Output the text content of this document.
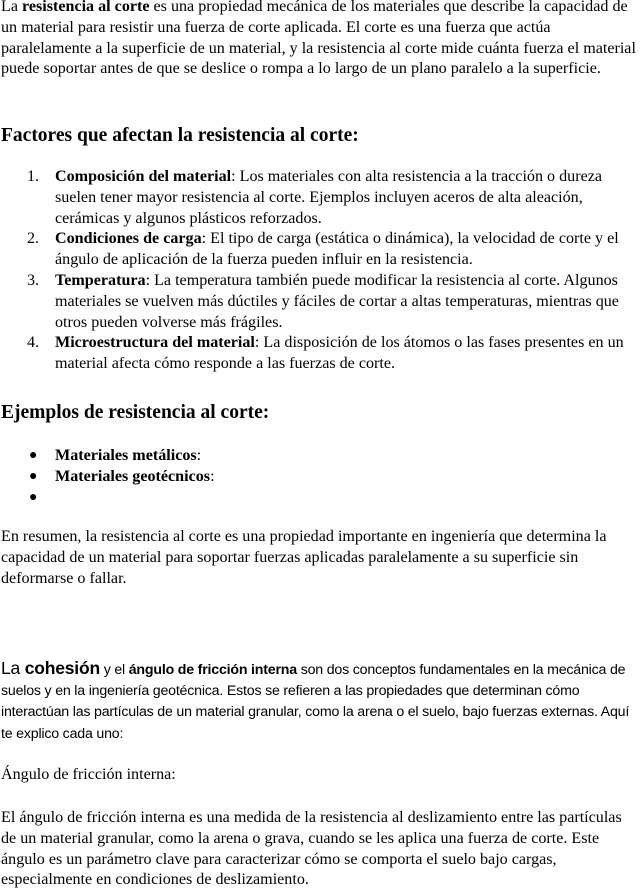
La resistencia al corte es una propiedad mecánica de los materiales que describe la capacidad de un material para resistir una fuerza de corte aplicada. El corte es una fuerza que actúa paralelamente a la superficie de un material, y la resistencia al corte mide cuánta fuerza el material puede soportar antes de que se deslice o rompa a lo largo de un plano paralelo a la superficie.

Factores que afectan la resistencia al corte:
1. Composición del material: Los materiales con alta resistencia a la tracción o dureza suelen tener mayor resistencia al corte. Ejemplos incluyen aceros de alta aleación, cerámicas y algunos plásticos reforzados.
2. Condiciones de carga: El tipo de carga (estática o dinámica), la velocidad de corte y el ángulo de aplicación de la fuerza pueden influir en la resistencia.
3. Temperatura: La temperatura también puede modificar la resistencia al corte. Algunos materiales se vuelven más dúctiles y fáciles de cortar a altas temperaturas, mientras que otros pueden volverse más frágiles.
4. Microestructura del material: La disposición de los átomos o las fases presentes en un material afecta cómo responde a las fuerzas de corte.
Ejemplos de resistencia al corte:
● Materiales metálicos:
● Materiales geotécnicos:
●

En resumen, la resistencia al corte es una propiedad importante en ingeniería que determina la capacidad de un material para soportar fuerzas aplicadas paralelamente a su superficie sin deformarse o fallar.

La cohesión y el ángulo de fricción interna son dos conceptos fundamentales en la mecánica de suelos y en la ingeniería geotécnica. Estos se refieren a las propiedades que determinan cómo interactúan las partículas de un material granular, como la arena o el suelo, bajo fuerzas externas. Aquí te explico cada uno:

Ángulo de fricción interna:

El ángulo de fricción interna es una medida de la resistencia al deslizamiento entre las partículas de un material granular, como la arena o grava, cuando se les aplica una fuerza de corte. Este ángulo es un parámetro clave para caracterizar cómo se comporta el suelo bajo cargas, especialmente en condiciones de deslizamiento.
